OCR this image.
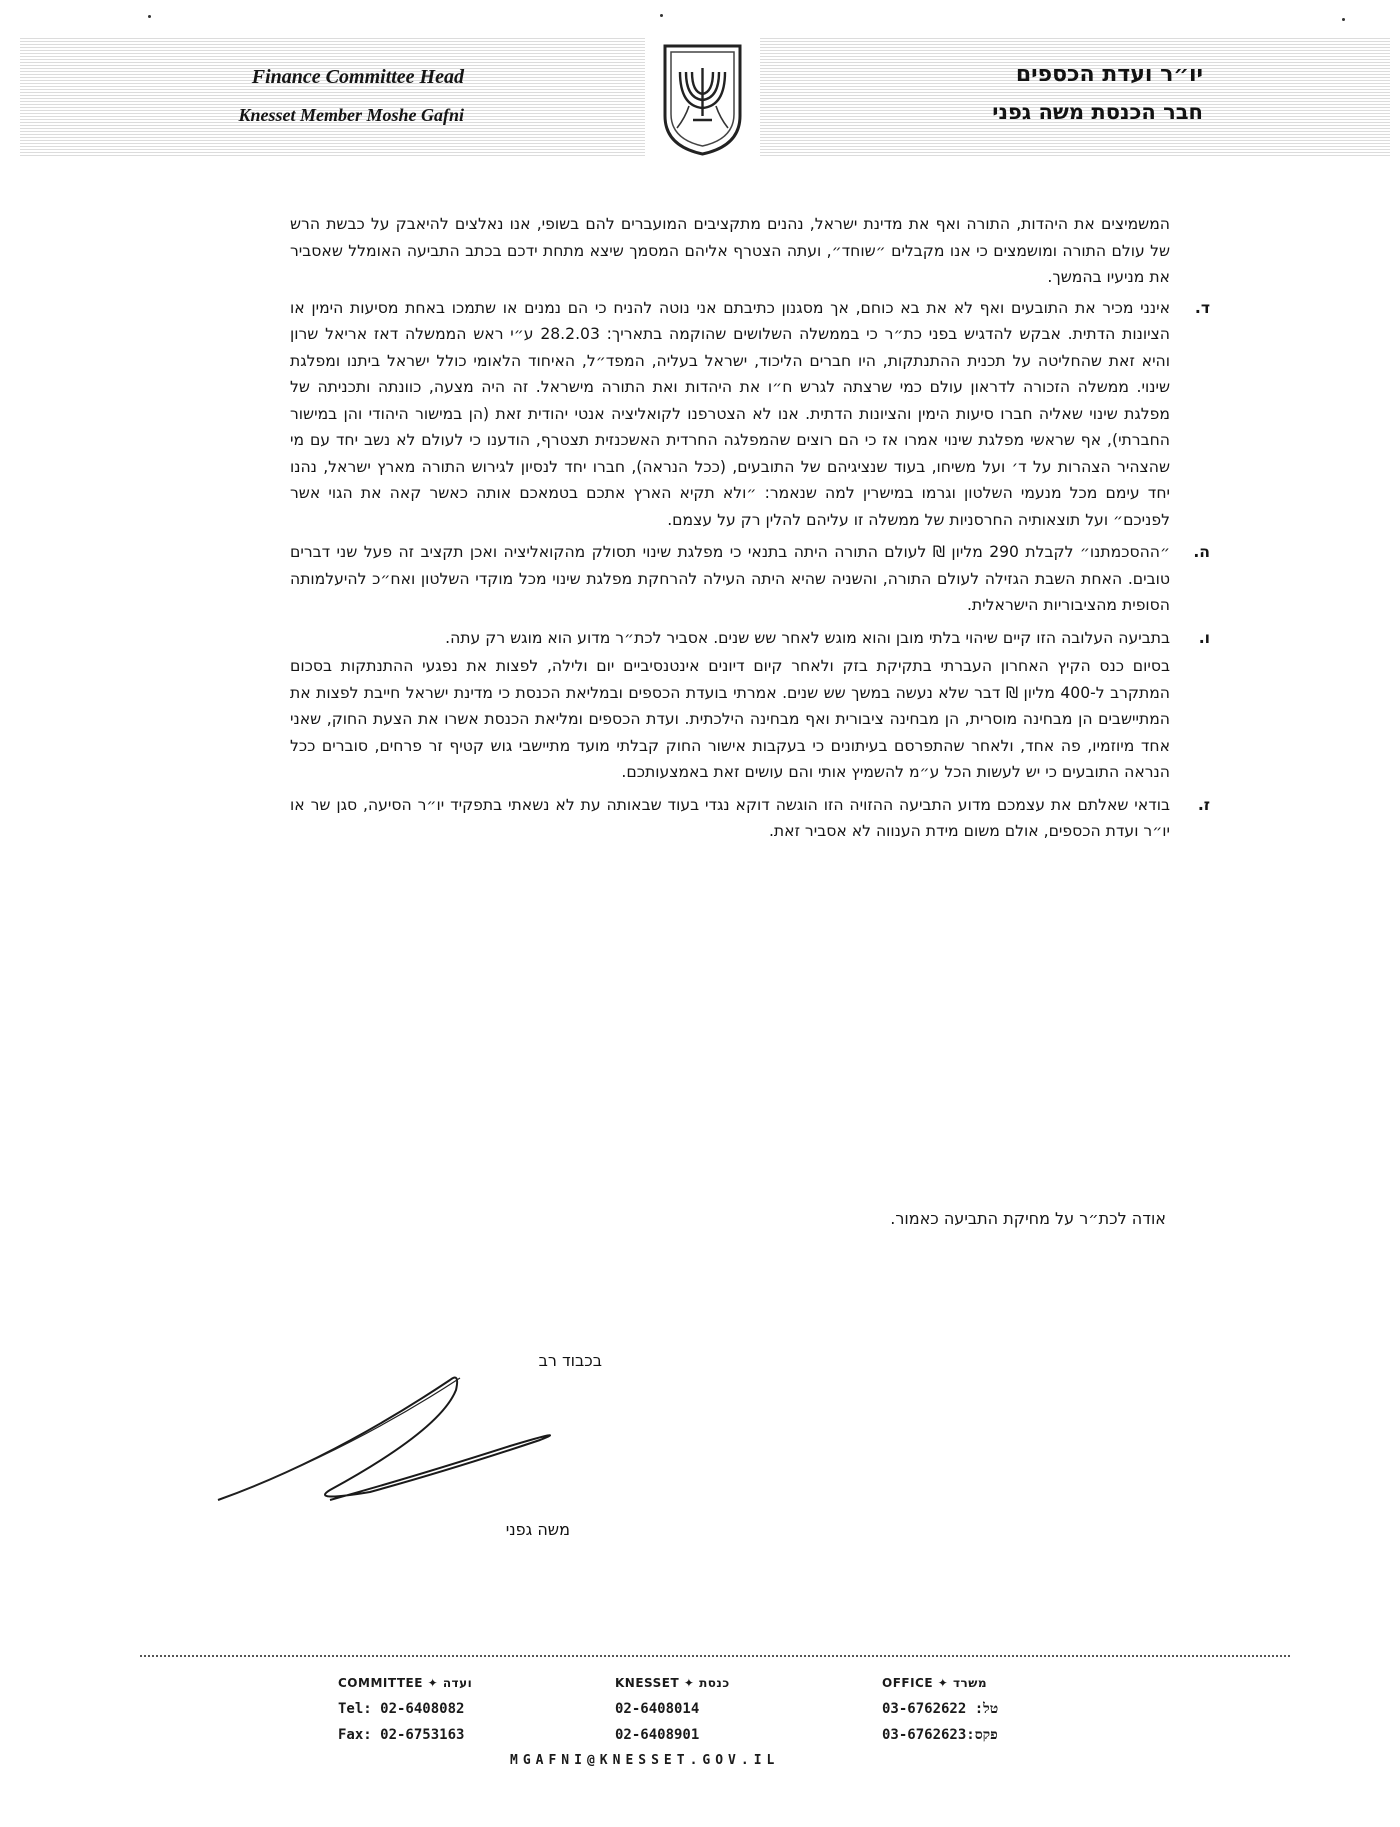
Finance Committee Head
Knesset Member Moshe Gafni
יו״ר ועדת הכספים
חבר הכנסת משה גפני

המשמיצים את היהדות, התורה ואף את מדינת ישראל, נהנים מתקציבים המועברים להם בשופי, אנו נאלצים להיאבק על כבשת הרש של עולם התורה ומושמצים כי אנו מקבלים ״שוחד״, ועתה הצטרף אליהם המסמך שיצא מתחת ידכם בכתב התביעה האומלל שאסביר את מניעיו בהמשך.

ד.

אינני מכיר את התובעים ואף לא את בא כוחם, אך מסגנון כתיבתם אני נוטה להניח כי הם נמנים או שתמכו באחת מסיעות הימין או הציונות הדתית. אבקש להדגיש בפני כת״ר כי בממשלה השלושים שהוקמה בתאריך: 28.2.03 ע״י ראש הממשלה דאז אריאל שרון והיא זאת שהחליטה על תכנית ההתנתקות, היו חברים הליכוד, ישראל בעליה, המפד״ל, האיחוד הלאומי כולל ישראל ביתנו ומפלגת שינוי. ממשלה הזכורה לדראון עולם כמי שרצתה לגרש ח״ו את היהדות ואת התורה מישראל. זה היה מצעה, כוונתה ותכניתה של מפלגת שינוי שאליה חברו סיעות הימין והציונות הדתית. אנו לא הצטרפנו לקואליציה אנטי יהודית זאת (הן במישור היהודי והן במישור החברתי), אף שראשי מפלגת שינוי אמרו אז כי הם רוצים שהמפלגה החרדית האשכנזית תצטרף, הודענו כי לעולם לא נשב יחד עם מי שהצהיר הצהרות על ד׳ ועל משיחו, בעוד שנציגיהם של התובעים, (ככל הנראה), חברו יחד לנסיון לגירוש התורה מארץ ישראל, נהנו יחד עימם מכל מנעמי השלטון וגרמו במישרין למה שנאמר: ״ולא תקיא הארץ אתכם בטמאכם אותה כאשר קאה את הגוי אשר לפניכם״ ועל תוצאותיה החרסניות של ממשלה זו עליהם להלין רק על עצמם.

ה.

״ההסכמתנו״ לקבלת 290 מליון ₪ לעולם התורה היתה בתנאי כי מפלגת שינוי תסולק מהקואליציה ואכן תקציב זה פעל שני דברים טובים. האחת השבת הגזילה לעולם התורה, והשניה שהיא היתה העילה להרחקת מפלגת שינוי מכל מוקדי השלטון ואח״כ להיעלמותה הסופית מהציבוריות הישראלית.

ו.

בתביעה העלובה הזו קיים שיהוי בלתי מובן והוא מוגש לאחר שש שנים. אסביר לכת״ר מדוע הוא מוגש רק עתה.

בסיום כנס הקיץ האחרון העברתי בתקיקת בזק ולאחר קיום דיונים אינטנסיביים יום ולילה, לפצות את נפגעי ההתנתקות בסכום המתקרב ל-400 מליון ₪ דבר שלא נעשה במשך שש שנים. אמרתי בועדת הכספים ובמליאת הכנסת כי מדינת ישראל חייבת לפצות את המתיישבים הן מבחינה מוסרית, הן מבחינה ציבורית ואף מבחינה הילכתית. ועדת הכספים ומליאת הכנסת אשרו את הצעת החוק, שאני אחד מיוזמיו, פה אחד, ולאחר שהתפרסם בעיתונים כי בעקבות אישור החוק קבלתי מועד מתיישבי גוש קטיף זר פרחים, סוברים ככל הנראה התובעים כי יש לעשות הכל ע״מ להשמיץ אותי והם עושים זאת באמצעותכם.

ז.

בודאי שאלתם את עצמכם מדוע התביעה ההזויה הזו הוגשה דוקא נגדי בעוד שבאותה עת לא נשאתי בתפקיד יו״ר הסיעה, סגן שר או יו״ר ועדת הכספים, אולם משום מידת הענווה לא אסביר זאת.

אודה לכת״ר על מחיקת התביעה כאמור.
בכבוד רב
משה גפני
COMMITTEE ✦ ועדה
Tel: 02-6408082
Fax: 02-6753163
KNESSET ✦ כנסת
02-6408014
02-6408901
OFFICE ✦ משרד
03-6762622 :טל
03-6762623:פקס
MGAFNI@KNESSET.GOV.IL
